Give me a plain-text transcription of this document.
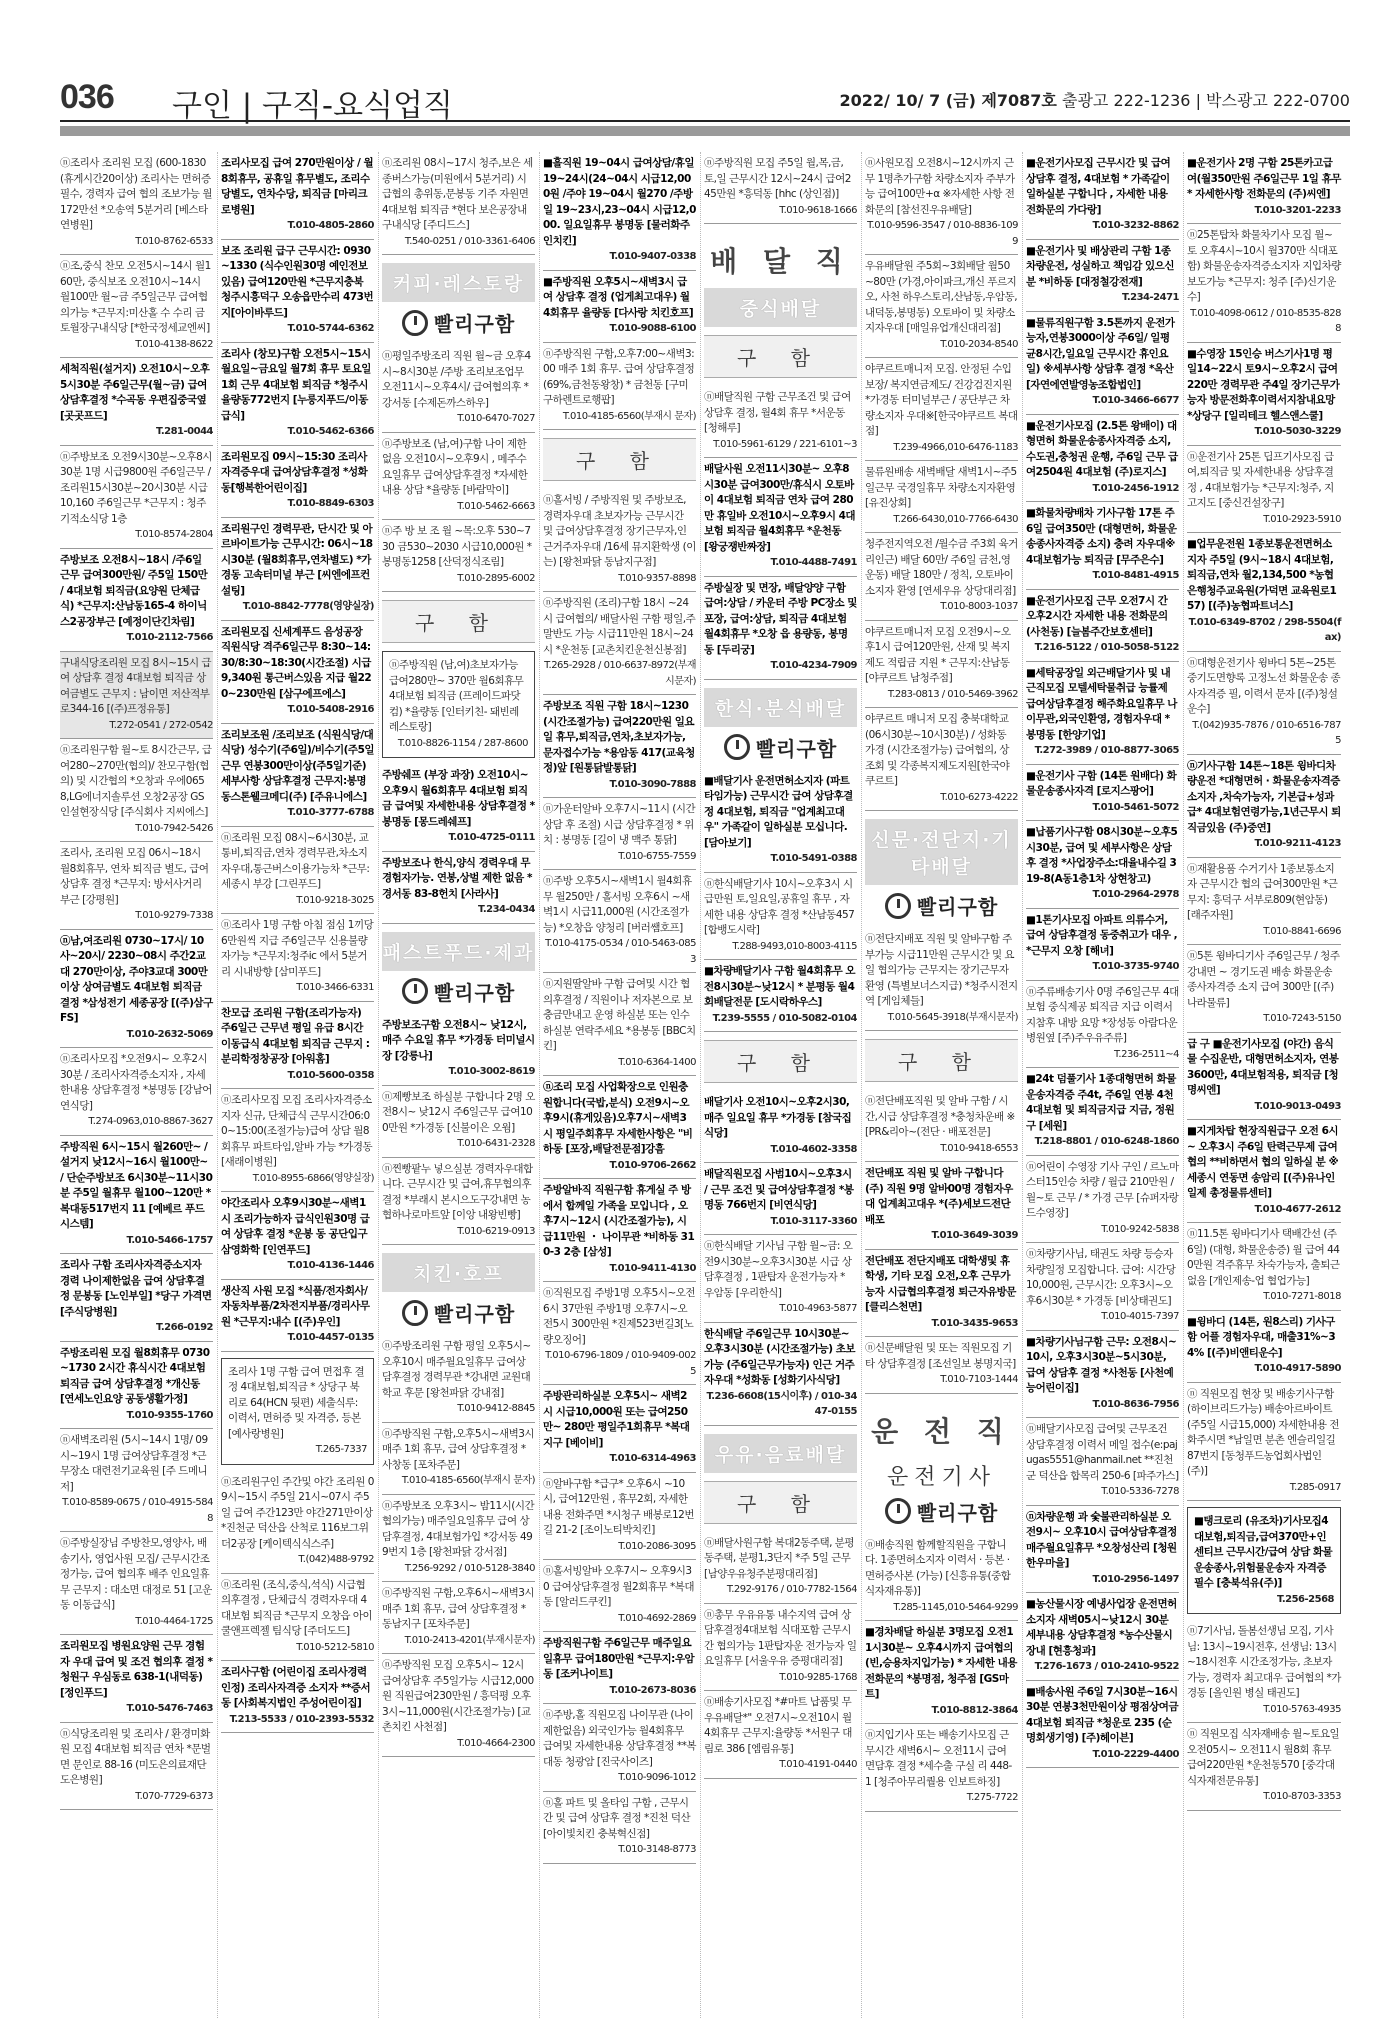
036 구인 | 구직-요식업직	2022/ 10/ 7 (금) 제7087호 출광고 222-1236 | 박스광고 222-0700
ⓝ조리사 조리원 모집 (600-1830(휴게시간20이상) 조리사는 면허증필수, 경력자 급여 협의 조보가능 월172만선 *오송역 5분거리 [베스타연병원]
T.010-8762-6533
ⓝ조,중식 찬모 오전5시~14시 월160만, 중식보조 오전10시~14시 월100만 월~금 주5일근무 급여협의가능 *근무지:미산홀 수 수리 금토월장구내식당 [*한국정세교엔씨]
T.010-4138-8622
세척직원(설거지) 오전10시~오후5시30분 주6일근무(월~금) 급여상담후결정 *수곡동 우편집중국옆 [곳곳프드]
T.281-0044
ⓝ주방보조 오전9시30분~오후8시30분 1명 시급9800원 주6일근무 / 조리원15시30분~20시30분 시급10,160 주6일근무 *근무지 : 청주기적소식당 1층
T.010-8574-2804
주방보조 오전8시~18시 /주6일 근무 급여300만원/ 주5일 150만 / 4대보험 퇴직금(요양원 단체급식) *근무지:산남동165-4 하이닉스2공장부근 [예정이단긴차림]
T.010-2112-7566
구내식당조리원 모집 8시~15시 급여 상담후 결정 4대보험 퇴직금 상여금별도 근무지 : 남이면 저산적부로344-16 [(주)프정유통]
T.272-0541 / 272-0542
ⓝ조리원구함 월~토 8시간근무, 급여280~270만(협의)/ 찬모구함(협의) 및 시간협의 *오창과 우에0658,LG에너지솔루션 오창2공장 GS인설현장식당 [주식회사 지씨에스]
T.010-7942-5426
조리사, 조리원 모집 06시~18시 월8회휴무, 연차 퇴직금 별도, 급여 상담후 결정 *근무지: 방서사거리 부근 [강평원]
T.010-9279-7338
ⓝ남,여조리원 0730~17시/ 10사~20시/ 2230~08시 주간2교대 270만이상, 주야3교대 300만이상 상여금별도 4대보험 퇴직금 결정 *삼성전기 세종공장 [(주)삼구FS]
T.010-2632-5069
ⓝ조리사모집 *오전9시~ 오후2시30분 / 조리사자격증소지자 , 자세한내용 상담후결정 *봉명동 [강남어연식당]
T.274-0963,010-8867-3627
주방직원 6시~15시 월260만~ / 설거지 낮12시~16시 월100만~ / 단순주방보조 6시30분~11시30분 주5일 월휴무 월100~120만 *복대동517번지 11 [예베르 푸드시스템]
T.010-5466-1757
조리사 구함 조리사자격증소지자 경력 나이제한없음 급여 상담후결정 문봉동 [노인부일] *당구 가격면 [주식당병원]
T.266-0192
주방조리원 모집 월8회휴무 0730~1730 2시간 휴식시간 4대보험 퇴직금 급여 상담후결정 *개신동 [연세노인요양 공동생활가정]
T.010-9355-1760
ⓝ새벽조리원 (5시~14시 1명/ 09시~19시 1명 급여상담후결정 *근무장소 대련전기교육원 [주 드메니저]
T.010-8589-0675 / 010-4915-5848
ⓝ주방실장님 주방찬모,영양사, 배송기사, 영업사원 모집/ 근무시간조정가능, 급여 협의후 배주 인요일휴무 근무지 : 대소면 대정로 51 [고운동 이동급식]
T.010-4464-1725
조리원모집 병원요양원 근무 경험자 우대 급여 및 조건 협의후 결정 * 청원구 우심동로 638-1(내덕동) [정인푸드]
T.010-5476-7463
ⓝ식당조리원 및 조리사 / 환경미화원 모집 4대보험 퇴직금 연차 *문벌면 문인로 88-16 (미도은의료재단 도은병원]
T.070-7729-6373
조리사모집 급여 270만원이상 / 월 8회휴무, 공휴일 휴무별도, 조리수당별도, 연차수당, 퇴직금 [마리크로병원]
T.010-4805-2860
보조 조리원 급구 근무시간: 0930~1330 (식수인원30명 예인전보있음) 급여120만원 *근무지충북 청주시흥덕구 오송읍만수리 473번지[아이바루드]
T.010-5744-6362
조리사 (창모)구함 오전5시~15시 월요일~금요일 월7회 휴무 토요일 1회 근무 4대보험 퇴직금 *청주시 율량동772번지 [누룽지푸드/이동급식]
T.010-5462-6366
조리원모집 09시~15:30 조리사자격증우대 급여상담후결정 *성화동[행복한어린이집]
T.010-8849-6303
조리원구인 경력무관, 단시간 및 아르바이트가능 근무시간: 06시~18시30분 (월8회휴무,연차별도) *가경동 고속터미널 부근 [씨엔에프컨설팅]
T.010-8842-7778(영양실장)
조리원모집 신세계푸드 음성공장 직원식당 격주6일근무 8:30~14:30/8:30~18:30(시간조절) 시급9,340원 통근버스있음 지급 월220~230만원 [삼구에프에스]
T.010-5408-2916
조리보조원 /조리보조 (식원식당/대식당) 성수기(주6일)/비수기(주5일근무 연봉300만이상(주5일기준) 세부사항 상담후결정 근무지:봉명동스톤웰크메디(주) [주유니에스]
T.010-3777-6788
ⓝ조리원 모집 08시~6시30분, 교통비,퇴직금,연차 경력무관,차소지자우대,통근버스이용가능차 *근무: 세종시 부강 [그린푸드]
T.010-9218-3025
ⓝ조리사 1명 구함 아침 점심 1끼당 6만원씩 지급 주6일근무 신용불량자가능 *근무지:청주ic 에서 5분거리 시내방향 [삼미푸드]
T.010-3466-6331
찬모급 조리원 구함(조리가능자) 주6일근 근무년 평일 유급 8시간 이동급식 4대보험 퇴직금 근무지 : 분리학정창공장 [아워홈]
T.010-5600-0358
ⓝ조리사모집 모집 조리사자격증소지자 신규, 단체급식 근무시간06:00~15:00(조절가능)급여 상담 월8회휴무 파트타임,알바 가능 *가경동 [새래이병원]
T.010-8955-6866(영양실장)
야간조리사 오후9시30분~새벽1시 조리가능하자 급식인원30명 급여 상담후 결정 *운봉 동 공단입구 삼영화학 [인연푸드]
T.010-4136-1446
생산직 사원 모집 *식품/전자회사/자동차부품/2차전지부품/경리사무원 *근무지:내수 [(주)우인]
T.010-4457-0135
조리사 1명 구함 급여 면접후 결정 4대보험,퇴직금 * 상당구 북리로 64(HCN 뒷편) 세출식루: 이력서, 면허증 및 자격증, 등본 [예사랑병원]
T.265-7337
ⓝ조리원구인 주간및 야간 조리원 09시~15시 주5일 21시~07시 주5일 급여 주간123만 야간271만이상 *진천군 덕산읍 산척로 116보그위더2공장 [케이텍식식스주]
T.(042)488-9792
ⓝ조리원 (조식,중식,석식) 시급협의후결정 , 단체급식 경력자우대 4대보험 퇴직금 *근무지 오창읍 아이쿨앤프렉젤 팀식당 [주더도드]
T.010-5212-5810
조리사구함 (어린이집 조리사경력인정) 조리사자격증 소지자 **증서동 [사회복지법인 주성어린이집]
T.213-5533 / 010-2393-5532
ⓝ조리원 08시~17시 청주,보은 세종버스가능(미원에서 5분거리) 시급협의 총위동,문봉동 기주 자원면 4대보험 퇴직금 *현다 보은공장내 구내식당 [주디드스]
T.540-0251 / 010-3361-6406
커피·레스토랑
빨리구함
ⓝ평일주방조리 직원 월~금 오후4시~8시30분 /주방 조리보조업무 오전11시~오후4시/ 급여협의후 *강서동 [수제돈까스하우]
T.010-6470-7027
ⓝ주방보조 (남,여)구함 나이 제한 없음 오전10시~오후9시 , 메주수요일휴무 급여상담후결정 *자세한내용 상담 *율량동 [바람막이]
T.010-5462-6663
ⓝ주 방 보 조 월 ~목:오후 530~730 금530~2030 시급10,000원 *봉명동1258 [산덕정식조림]
T.010-2895-6002
구 함
ⓝ주방직원 (남,여)초보자가능 급여280만~ 370만 월6회휴무 4대보험 퇴직금 (프레이드파닷컴) *율량동 [인터키친- 돼빈레레스토랑]
T.010-8826-1154 / 287-8600
주방쉐프 (부장 과장) 오전10시~ 오후9시 월6회휴무 4대보험 퇴직금 급여및 자세한내용 상담후결정 *봉명동 [몽드레쉐프]
T.010-4725-0111
주방보조나 한식,양식 경력우대 무경험자가능. 연봉,상벌 제한 없음 *경서동 83-8헌치 [사라사]
T.234-0434
패스트푸드·제과
빨리구함
주방보조구함 오전8시~ 낮12시, 매주 수요일 휴무 *가경동 터미널시장 [강릉나]
T.010-3002-8619
ⓝ제빵보조 하실분 구합니다 2명 오전8시~ 낮12시 주6일근무 급여100만원 *가경동 [신불이은 오웜]
T.010-6431-2328
ⓝ찐빵팥누 넣으실분 경력자우대합니다. 근무시간 및 급여,휴무협의후 결정 *부래시 본시으도구강내면 농협하나로마트앞 [이앙 내왕빈빵]
T.010-6219-0913
치킨·호프
빨리구함
ⓝ주방조리원 구함 평일 오후5시~오후10시 매주월요일휴무 급여상담후결정 경력무관 *강내면 교원대학교 후문 [왕천파닭 강내점]
T.010-9412-8845
ⓝ주방직원 구함,오후5시~새벽3시 매주 1회 휴무, 급여 상담후결정 * 사창동 [포차주문]
T.010-4185-6560(부재시 문자)
ⓝ주방보조 오후3시~ 밤11시(시간협의가능) 매주일요일휴무 급여 상담후결정, 4대보험가입 *강서동 499번지 1층 [왕천파닭 강서점]
T.256-9292 / 010-5128-3840
ⓝ주방직원 구함,오후6시~새벽3시 매주 1회 휴무, 급여 상담후결정 * 동남지구 [포차주문]
T.010-2413-4201(부재시문자)
ⓝ주방직원 모집 오후5시~ 12시 급여상담후 주5일가능 시급12,000원 직원급여230만원 / 흥덕평 오후3시~11,000원(시간조절가능) [교촌치킨 사천점]
T.010-4664-2300
■흘직원 19~04시 급여상담/휴일 19~24시(24~04시 시급12,000원 /주야 19~04시 월270 /주방일 19~23시,23~04시 시급12,000. 일요일휴무 봉명동 [물러화주인치킨]
T.010-9407-0338
■주방직원 오후5시~새벽3시 급여 상담후 결정 (업게최고대우) 월4회휴무 율량동 [다사랑 치킨호프]
T.010-9088-6100
ⓝ주방직원 구함,오후7:00~새벽3:00 매주 1회 휴무. 급여 상담후결정 (69%,금천동왕창) * 금천동 [구미구하렌트로행팝]
T.010-4185-6560(부재시 문자)
구 함
ⓝ홀서빙 / 주방직원 및 주방보조, 경력자우대 초보자가능 근무시간 및 급여상담후결정 장기근무자,인근거주자우대 /16세 뮤지환학생 (이는) [왕천파닭 동남지구점]
T.010-9357-8898
ⓝ주방직원 (조리)구함 18시 ~24시 급여협의/ 배달사원 구함 평일,주말반도 가능 시급11만원 18시~24시 *운천동 [교촌치킨운천신봉점]
T.265-2928 / 010-6637-8972(부재시문자)
주방보조 직원 구함 18시~1230 (시간조절가능) 급여220만원 일요일 휴무,퇴직금,연차,초보자가능, 문자접수가능 *용암동 417(교육청정)앞 [원통닭발통닭]
T.010-3090-7888
ⓝ가운터알바 오후7시~11시 (시간 상담 후 조절) 시급 상담후결정 * 위치 : 봉명동 [길이 냉 맥주 통닭]
T.010-6755-7559
ⓝ주방 오후5시~새벽1시 월4회휴무 월250만 / 홀서빙 오후6시 ~새벽1시 시급11,000원 (시간조절가능) *오창읍 양청리 [버러쌤호프]
T.010-4175-0534 / 010-5463-0853
ⓝ지원딸알바 구함 급여및 시간 협의후결정 / 직원이나 저자본으로 보충금만내고 운영 하실분 또는 인수하실분 연락주세요 *용봉동 [BBC치킨]
T.010-6364-1400
ⓝ조리 모집 사업확장으로 인원충원합니다(국밥,분식) 오전9시~오후9시(휴게있음)오후7시~새벽3시 평일주회휴무 자세한사항은 "비하동 [포장,배달전문점]강흠
T.010-9706-2662
주방알바직 직원구함 휴게실 주 방에서 합께일 가족을 모입니다 , 오후7시~12시 (시간조절가능), 시급11만원 ・ 나이무관 *비하동 310-3 2층 [삼성]
T.010-9411-4130
ⓝ직원모집 주방1명 오후5시~오전6시 37만원 주방1명 오후7시~오전5시 300만원 *진제523번길3[노량오징어]
T.010-6796-1809 / 010-9409-0025
주방관리하실분 오후5시~ 새벽2시 시급10,000원 또는 급여250만~ 280만 평일주1회휴무 *복대지구 [베이비]
T.010-6314-4963
ⓝ알바구함 *급구* 오후6시 ~10시, 급여12만원 , 휴무2회, 자세한내용 전화주면 *시청구 배봉로12번길 21-2 [조이노티박치킨]
T.010-2086-3095
ⓝ홀서빙알바 오후7시~ 오후9시30 급여상담후결정 월2회휴무 *복대동 [알러드쿠킨]
T.010-4692-2869
주방직원구함 주6일근무 매주일요일휴무 급여180만원 *근무지:우암동 [조커나이트]
T.010-2673-8036
ⓝ주방,홀 직원모집 나이무관 (나이제한없음) 외국인가능 월4회휴무 급여및 자세한내용 상담후결정 **복대동 청광암 [진국사이즈]
T.010-9096-1012
ⓝ홀 파트 및 올타임 구함 , 근무시간 및 급여 상담후 결정 *진천 덕산 [아이빛치킨 충북혁신점]
T.010-3148-8773
ⓝ주방직원 모집 주5일 월,목,금, 토,일 근무시간 12시~24시 급여245만원 *흥덕동 [hhc (상인점)]
T.010-9618-1666
배 달 직
중식배달
구 함
ⓝ배달직원 구함 근무조건 및 급여 상담후 결정, 월4회 휴무 *서운동 [청해루]
T.010-5961-6129 / 221-6101~3
배달사원 오전11시30분~ 오후8시30분 급여300만/휴식시 오토바이 4대보험 퇴직금 연차 급여 280만 휴일바 오전10시~오후9시 4대보험 퇴직금 월4회휴무 *운천동 [왕궁쟁반짜장]
T.010-4488-7491
주방실장 및 면장, 배달양양 구함 급여:상담 / 카운터 주방 PC장소 및 포장, 급여:상담, 퇴직금 4대보험 월4회휴무 *오창 읍 용량동, 봉명동 [두리궁]
T.010-4234-7909
한식·분식배달
빨리구함
■배달기사 운전면허소지자 (파트타임가능) 근무시간 급여 상담후결정 4대보험, 퇴직금 "업계최고대우" 가족같이 일하실분 모십니다. [담아보기]
T.010-5491-0388
ⓝ한식배달기사 10시~오후3시 시급만원 토,일요일,공휴일 휴무 , 자세한 내용 상담후 결정 *산남동457 [합뱅도시락]
T.288-9493,010-8003-4115
■차량배달기사 구함 월4회휴무 오전8시30분~낮12시 * 분평동 월4회배달전문 [도시락하우스]
T.239-5555 / 010-5082-0104
구 함
배달기사 오전10시~오후2시30, 매주 일요일 휴무 *가경동 [참국집 식당]
T.010-4602-3358
배달직원모집 사범10시~오후3시 / 근무 조건 및 급여상담후결정 *봉명동 766번지 [비연식당]
T.010-3117-3360
ⓝ한식배달 기사님 구함 월~금: 오전9시30분~오후3시30분 시급 상담후결정 , 1판탑자 운전가능자 * 우암동 [우리한식]
T.010-4963-5877
한식배달 주6일근무 10시30분~오후3시30분 (시간조절가능) 초보가능 (주6일근무가능자) 인근 거주자우대 *성화동 [성화기사식당]
T.236-6608(15시이후) / 010-3447-0155
우유·음료배달
구 함
ⓝ배달사원구함 복대2동주택, 분평동주택, 분평1,3단지 *주 5일 근무 [남양우유청주분평대리점]
T.292-9176 / 010-7782-1564
ⓝ총무 우유유통 내수지역 급여 상담후결정4대보험 식대포함 근무시간 협의가능 1판탑자운 전가능자 일요일휴무 [서울우유 증평대리점]
T.010-9285-1768
ⓝ배송기사모집 *#마트 납품및 무우유배달*" 오전7시~오전10시 월4회휴무 근무지:율량동 *서원구 대림로 386 [엠림유통]
T.010-4191-0440
ⓝ사원모집 오전8시~12시까지 근무 1명추가구함 차량소지자 주부가능 급여100만+α ※자세한 사항 전화문의 [참선진우유배달]
T.010-9596-3547 / 010-8836-1099
우유배달원 주5회~3회배달 월50~80만 (가경,아이파크,개신 푸르지오, 사천 하우스토리,산남동,우암동,내덕동,봉명동) 오토바이 및 차량소지자우대 [매일유업개신대리점]
T.010-2034-8540
야쿠르트매니저 모집. 안정된 수입보장/ 복지연금제도/ 건강검진지원 *가경동 터미널부근 / 공단부근 차량소지자 우대※[한국야쿠르트 복대점]
T.239-4966,010-6476-1183
물류원배송 새벽배달 새벽1시~주5일근무 국경일휴무 차량소지자환영 [유진상회]
T.266-6430,010-7766-6430
청주전지역오전 /월수금 주3회 육거리인근) 배달 60만/ 주6일 금천,영운동) 배달 180만 / 정칙, 오토바이소지자 환영 [연세우유 상당대리점]
T.010-8003-1037
야쿠르트매니저 모집 오전9시~오후1시 급여120만원, 산재 및 복지제도 적립금 지원 * 근무지:산남동 [야쿠르트 남청주점]
T.283-0813 / 010-5469-3962
야쿠르트 매니저 모집 충북대학교(06시30분~10시30분) / 성화동 가경 (시간조절가능) 급여협의, 상조회 및 각종복지제도지원[한국야쿠르트]
T.010-6273-4222
신문·전단지·기타배달
빨리구함
ⓝ전단지배포 직원 및 알바구함 주부가능 시급11만원 근무시간 및 요일 협의가능 근무지는 장기근무자 환영 (특별보너스지급) *청주시전지역 [게임체들]
T.010-5645-3918(부재시문자)
구 함
ⓝ전단배포직원 및 알바 구함 / 시간,시급 상담후결정 *충청차운배 ※[PR&리아~(전단 · 배포전문]
T.010-9418-6553
전단배포 직원 및 알바 구합니다 (주) 직원 9명 알바00명 경험자우대 업계최고대우 *(주)세보드전단배포
T.010-3649-3039
전단배포 전단지배포 대학생및 휴학생, 기타 모집 오전,오후 근무가능자 시급협의후결정 퇴근자유방문 [클리스천면]
T.010-3435-9653
ⓝ신문배달원 및 또는 직원모집 기타 상담후결정 [조선일보 봉명지국]
T.010-7103-1444
운 전 직
운전기사
빨리구함
ⓝ배송직원 함께할직원을 구합니다. 1종면허소지자 이력서 · 등본 · 면허증사본 (가능) [신흥유통(중합식자재유통)]
T.285-1145,010-5464-9299
■경차배달 하실분 3명모집 오전11시30분~ 오후4시까지 급여협의 (빈,승용차지입가능) * 자세한 내용 전화문의 *봉명점, 청주점 [GS마트]
T.010-8812-3864
ⓝ지입기사 또는 배송기사모집 근무시간 새벽6시~ 오전11시 급여 면담후 결정 *세수출 구실 리 448-1 [청주아무리퀄용 인보트하징]
T.275-7722
■운전기사모집 근무시간 및 급여 상담후 결정, 4대보험 * 가족같이 일하실분 구합니다 , 자세한 내용 전화문의 가다랑]
T.010-3232-8862
■운전기사 및 배상관리 구함 1종차량운전, 성실하고 책임감 있으신분 *비하동 [대정철강전재]
T.234-2471
■물류직원구함 3.5톤까지 운전가능자,연봉3000이상 주6일/ 일평균8시간,일요일 근무시간 휴인요일) ※세부사항 상담후 결정 *옥산 [자연에연발영농조합법인]
T.010-3466-6677
■운전기사모집 (2.5톤 왕배이) 대형면허 화물운송종사자격증 소지, 수도권,충청권 운행, 주6일 근무 급여2504원 4대보험 (주)로지스]
T.010-2456-1912
■화물차량배차 기사구함 17톤 주6일 급여350만 (대형면허, 화물운송종사자격증 소지) 충려 자우대※ 4대보험가능 퇴직금 [무주은수]
T.010-8481-4915
■운전기사모집 근무 오전7시 간 오후2시간 자세한 내용 전화문의 (사천동) [늘봄주간보호센터]
T.216-5122 / 010-5058-5122
■세탁공장일 외근배달기사 및 내근직모집 모텔세탁물취급 능률제 급여상담후결정 해주화요일휴무 나이무관,외국인환영, 경험자우대 *봉명동 [한양기업]
T.272-3989 / 010-8877-3065
■운전기사 구함 (14톤 원배다) 화물운송종사자격 [로지스팡어]
T.010-5461-5072
■납품기사구함 08시30분~오후5시30분, 급여 및 세부사항은 상담후 결정 *사업장주소:대율내수길 319-8(A동1층1차 상현창고)
T.010-2964-2978
■1톤기사모집 아파트 의류수거, 급여 상담후결정 동중취고가 대우 , *근무지 오창 [해녀]
T.010-3735-9740
ⓝ주류배송기사 0명 주6일근무 4대보험 중식제공 퇴직금 지급 이력서 지참후 내방 요망 *장성동 아람다운병원옆 [주)주우유주류]
T.236-2511~4
■24t 덤풀기사 1종대형면허 화물운송자격증 주4t, 주6일 연봉 4천 4대보험 및 퇴직금지급 지금, 정원구 [세원]
T.218-8801 / 010-6248-1860
ⓝ어린이 수영장 기사 구인 / 르노마스터15인승 차량 / 월급 210만원 / 월~토 근무 / * 가경 근무 [슈퍼자랑드수영장]
T.010-9242-5838
ⓝ차량기사님, 태권도 차량 등승자 차량일정 모집합니다. 급여: 시간당 10,000원, 근무시간: 오후3시~오후6시30분 * 가경동 [비상태권도]
T.010-4015-7397
■차량기사님구함 근무: 오전8시~10시, 오후3시30분~5시30분, 급여 상담후 결정 *사천동 [사천예능어린이집]
T.010-8636-7956
ⓝ배달기사모집 급여및 근무조건 상담후결정 이력서 메일 접수(e:pajugas5551@hanmail.net **진천군 덕산읍 합목리 250-6 [파주가스]
T.010-5336-7278
ⓝ차량운행 과 숯불관리하실분 오전9시~ 오후10시 급여상담후결정 매주월요일휴무 *오창성산리 [청원한우마을]
T.010-2956-1497
■농산물시장 예냉사업장 운전면허소지자 새벽05시~낮12시 30분 세부내용 상담후결정 *농수산물시장내 [현흥청과]
T.276-1673 / 010-2410-9522
■배송사원 주6일 7시30분~16시 30분 연봉3천만원이상 평점상여금 4대보험 퇴직금 *청운로 235 (순명회생기영) [주)헤이븐]
T.010-2229-4400
■운전기사 2명 구함 25톤카고급여(월350만원 주6일근무 1일 휴무* 자세한사항 전화문의 (주)씨엔]
T.010-3201-2233
ⓝ25톤탑차 화물차기사 모집 월~토 오후4시~10시 월370만 식대포함) 화물운송자격증소지자 지입차량보도가능 *근무지: 청주 [주)신기운수]
T.010-4098-0612 / 010-8535-8288
■수영장 15인승 버스기사1명 평일14~22시 토9시~오후2시 급여220만 경력무관 주4일 장기근무가능자 방문전화후이력서지참내요망 *상당구 [일리테크 헬스앤스쿨]
T.010-5030-3229
ⓝ운전기사 25톤 딥프기사모집 급여,퇴직금 및 자세한내용 상담후결정 , 4대보험가능 *근무지:청주, 지고지도 [중신건설장구]
T.010-2923-5910
■업무운전원 1종보통운전면허소지자 주5일 (9시~18시 4대보험, 퇴직금,연차 월2,134,500 *농협은행청주교육원(가덕면 교육원로157) [(주)농협파트너스]
T.010-6349-8702 / 298-5504(fax)
ⓝ대형운전기사 윙바디 5톤~25톤 중기도면향록 고정노선 화물운송 종사자격증 필, 이력서 문자 [(주)청설운수]
T.(042)935-7876 / 010-6516-7875
ⓝ기사구함 14톤~18톤 윙바디차량운전 *대형면허 · 화물운송자격증소지자 ,차숙가능자, 기본급+성과급* 4대보험연령가능,1년근무시 퇴직금있음 (주)중연]
T.010-9211-4123
ⓝ재활용품 수거기사 1종보통소지자 근무시간 협의 급여300만원 *근무지: 흥덕구 서부로809(현암동) [래주자원]
T.010-8841-6696
ⓝ5톤 윙바디기사 주6일근무 / 청주 강내면 ~ 경기도권 배송 화물운송종사자격증 소지 급여 300만 [(주)나라물류]
T.010-7243-5150
급 구 ■운전기사모집 (야간) 음식물 수집운반, 대형면허소지자, 연봉3600만, 4대보험적용, 퇴직금 [청명씨엔]
T.010-9013-0493
■지게차탑 현장직원급구 오전 6시~ 오후3시 주6일 탄력근무제 급여협의 **비하면서 협의 일하실 분 ※세종시 연동면 송암리 [(주)유나인일제 총정물류센터]
T.010-4677-2612
ⓝ11.5톤 윙바디기사 택배간선 (주6일) (대형, 화물운송증) 월 급여 440만원 격주휴무 차숙가능자, 출퇴근없음 [개인제송-업 협업가능]
T.010-7271-8018
■윙바디 (14톤, 원8스리) 기사구함 어플 경험자우대, 매출31%~34% [(주)비앤티운수]
T.010-4917-5890
ⓝ 직원모집 현장 및 배송기사구함(하이브리드가능) 배송아르바이트(주5일 시급15,000) 자세한내용 전화주시면 *남일면 분촌 엔슬리일길 87번지 [동청푸드농업회사법인(주)]
T.285-0917
■탱크로리 (유조차)기사모집4대보험,퇴직금,급여370만+인센티브 근무시간/급여 상담 화물운송종사,위험물운송자 자격증 필수 [충북석유(주)]
T.256-2568
ⓝ7기사님, 돌봄선생님 모집, 기사님: 13시~19시전후, 선생님: 13시~18시전후 시간조정가능, 초보자가능, 경력자 최고대우 급여협의 *가경동 [올인원 병실 태권도]
T.010-5763-4935
ⓝ 직원모집 식자재배송 월~토요일 오전05시~ 오전11시 월8회 휴무 급여220만원 *운천동570 [중각대식자재전문유통]
T.010-8703-3353
